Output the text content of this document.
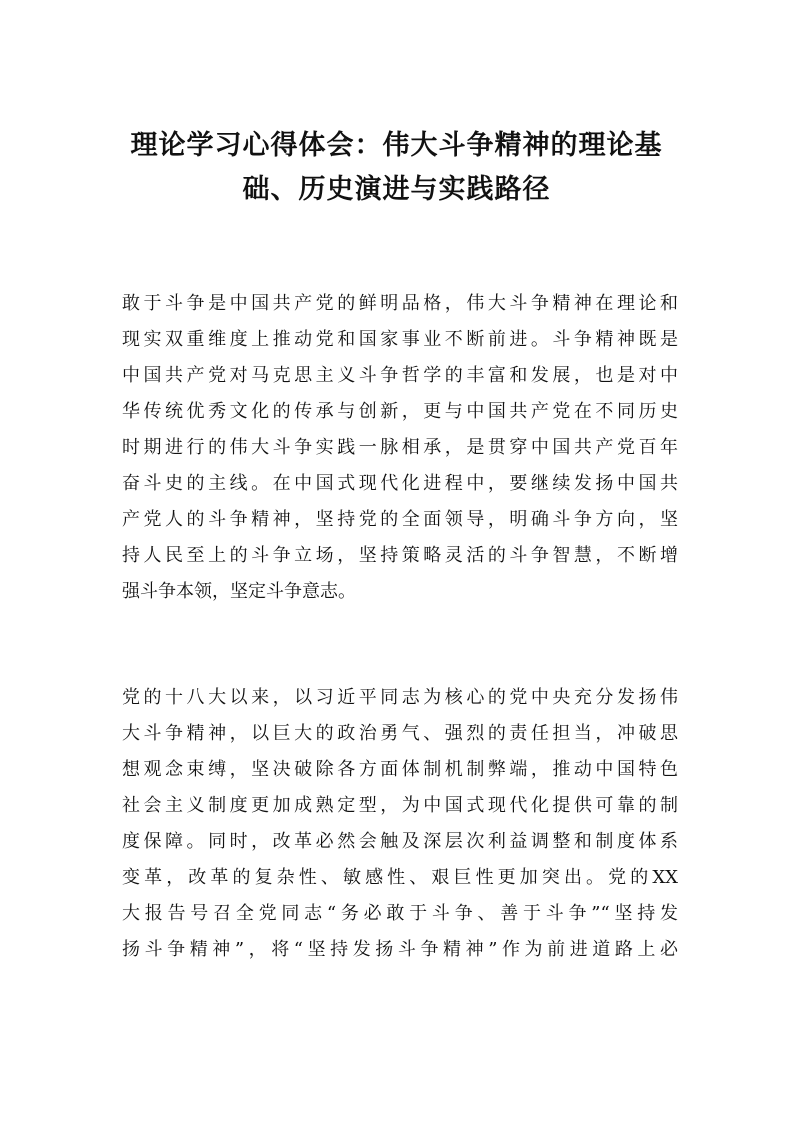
理论学习心得体会：伟大斗争精神的理论基
础、历史演进与实践路径
敢于斗争是中国共产党的鲜明品格，伟大斗争精神在理论和
现实双重维度上推动党和国家事业不断前进。斗争精神既是
中国共产党对马克思主义斗争哲学的丰富和发展，也是对中
华传统优秀文化的传承与创新，更与中国共产党在不同历史
时期进行的伟大斗争实践一脉相承，是贯穿中国共产党百年
奋斗史的主线。在中国式现代化进程中，要继续发扬中国共
产党人的斗争精神，坚持党的全面领导，明确斗争方向，坚
持人民至上的斗争立场，坚持策略灵活的斗争智慧，不断增
强斗争本领，坚定斗争意志。
党的十八大以来，以习近平同志为核心的党中央充分发扬伟
大斗争精神，以巨大的政治勇气、强烈的责任担当，冲破思
想观念束缚，坚决破除各方面体制机制弊端，推动中国特色
社会主义制度更加成熟定型，为中国式现代化提供可靠的制
度保障。同时，改革必然会触及深层次利益调整和制度体系
变革，改革的复杂性、敏感性、艰巨性更加突出。党的XX
大报告号召全党同志“务必敢于斗争、善于斗争”“坚持发
扬斗争精神”，将“坚持发扬斗争精神”作为前进道路上必
